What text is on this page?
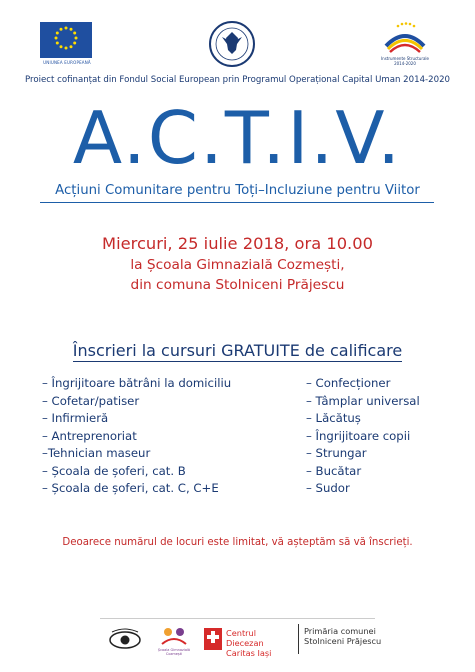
UNIUNEA EUROPEANĂ
Instrumente Structurale
2014-2020
Proiect cofinanțat din Fondul Social European prin Programul Operațional Capital Uman 2014-2020
A.C.T.I.V.
Acțiuni Comunitare pentru Toți–Incluziune pentru Viitor
Miercuri, 25 iulie 2018, ora 10.00
la Școala Gimnazială Cozmești,
din comuna Stolniceni Prăjescu
Înscrieri la cursuri GRATUITE de calificare
– Îngrijitoare bătrâni la domiciliu
– Cofetar/patiser
– Infirmieră
– Antreprenoriat
–Tehnician maseur
– Școala de șoferi, cat. B
– Școala de șoferi, cat. C, C+E
– Confecționer
– Tâmplar universal
– Lăcătuș
– Îngrijitoare copii
– Strungar
– Bucătar
– Sudor
Deoarece numărul de locuri este limitat, vă așteptăm să vă înscrieți.
Școala Gimnazială Cozmești
Centrul Diecezan
Caritas Iași
Primăria comunei
Stolniceni Prăjescu
